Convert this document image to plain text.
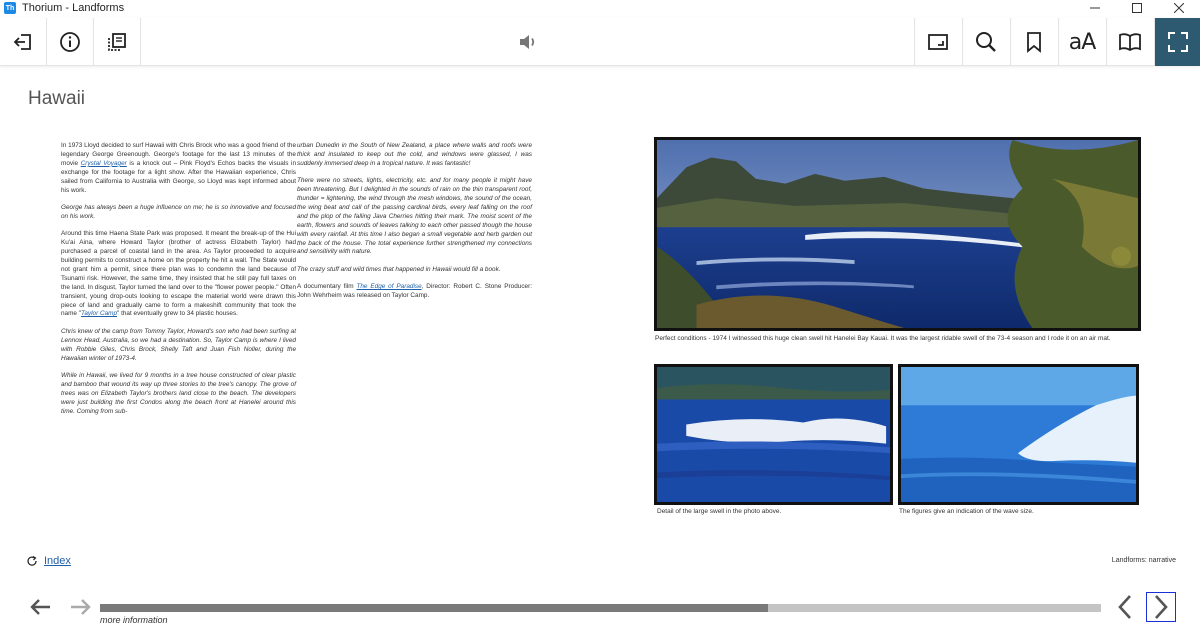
Th Thorium - Landforms
aA
Hawaii

In 1973 Lloyd decided to surf Hawaii with Chris Brock who was a good friend of the legendary George Greenough. George's footage for the last 13 minutes of the movie Crystal Voyager is a knock out – Pink Floyd's Echos backs the visuals in exchange for the footage for a light show. After the Hawaiian experience, Chris sailed from California to Australia with George, so Lloyd was kept informed about his work.

George has always been a huge influence on me; he is so innovative and focused on his work.

Around this time Haena State Park was proposed. It meant the break-up of the Hui Ku'ai Aina, where Howard Taylor (brother of actress Elizabeth Taylor) had purchased a parcel of coastal land in the area. As Taylor proceeded to acquire building permits to construct a home on the property he hit a wall. The State would not grant him a permit, since there plan was to condemn the land because of Tsunami risk. However, the same time, they insisted that he still pay full taxes on the land. In disgust, Taylor turned the land over to the "flower power people." Often transient, young drop-outs looking to escape the material world were drawn this piece of land and gradually came to form a makeshift community that took the name "Taylor Camp" that eventually grew to 34 plastic houses.

Chris knew of the camp from Tommy Taylor, Howard's son who had been surfing at Lennox Head, Australia, so we had a destination. So, Taylor Camp is where I lived with Robbie Giles, Chris Brock, Shelly Taft and Juan Fish Noller, during the Hawaiian winter of 1973-4.

While in Hawaii, we lived for 9 months in a tree house constructed of clear plastic and bamboo that wound its way up three stories to the tree's canopy. The grove of trees was on Elizabeth Taylor's brothers land close to the beach. The developers were just building the first Condos along the beach front at Hanelei around this time. Coming from sub-

urban Dunedin in the South of New Zealand, a place where walls and roofs were thick and insulated to keep out the cold, and windows were glassed, I was suddenly immersed deep in a tropical nature. It was fantastic!

There were no streets, lights, electricity, etc. and for many people it might have been threatening. But I delighted in the sounds of rain on the thin transparent roof, thunder = lightening, the wind through the mesh windows, the sound of the ocean, the wing beat and call of the passing cardinal birds, every leaf falling on the roof and the plop of the falling Java Cherries hitting their mark. The moist scent of the earth, flowers and sounds of leaves talking to each other passed though the house with every rainfall. At this time I also began a small vegetable and herb garden out the back of the house. The total experience further strengthened my connections and sensitivity with nature.

The crazy stuff and wild times that happened in Hawaii would fill a book.

A documentary film The Edge of Paradise, Director: Robert C. Stone Producer: John Wehrheim was released on Taylor Camp.

Perfect conditions - 1974 I witnessed this huge clean swell hit Hanelei Bay Kauai. It was the largest ridable swell of the 73-4 season and I rode it on an air mat.
Detail of the large swell in the photo above.	The figures give an indication of the wave size.
Index	Landforms: narrative
more information
